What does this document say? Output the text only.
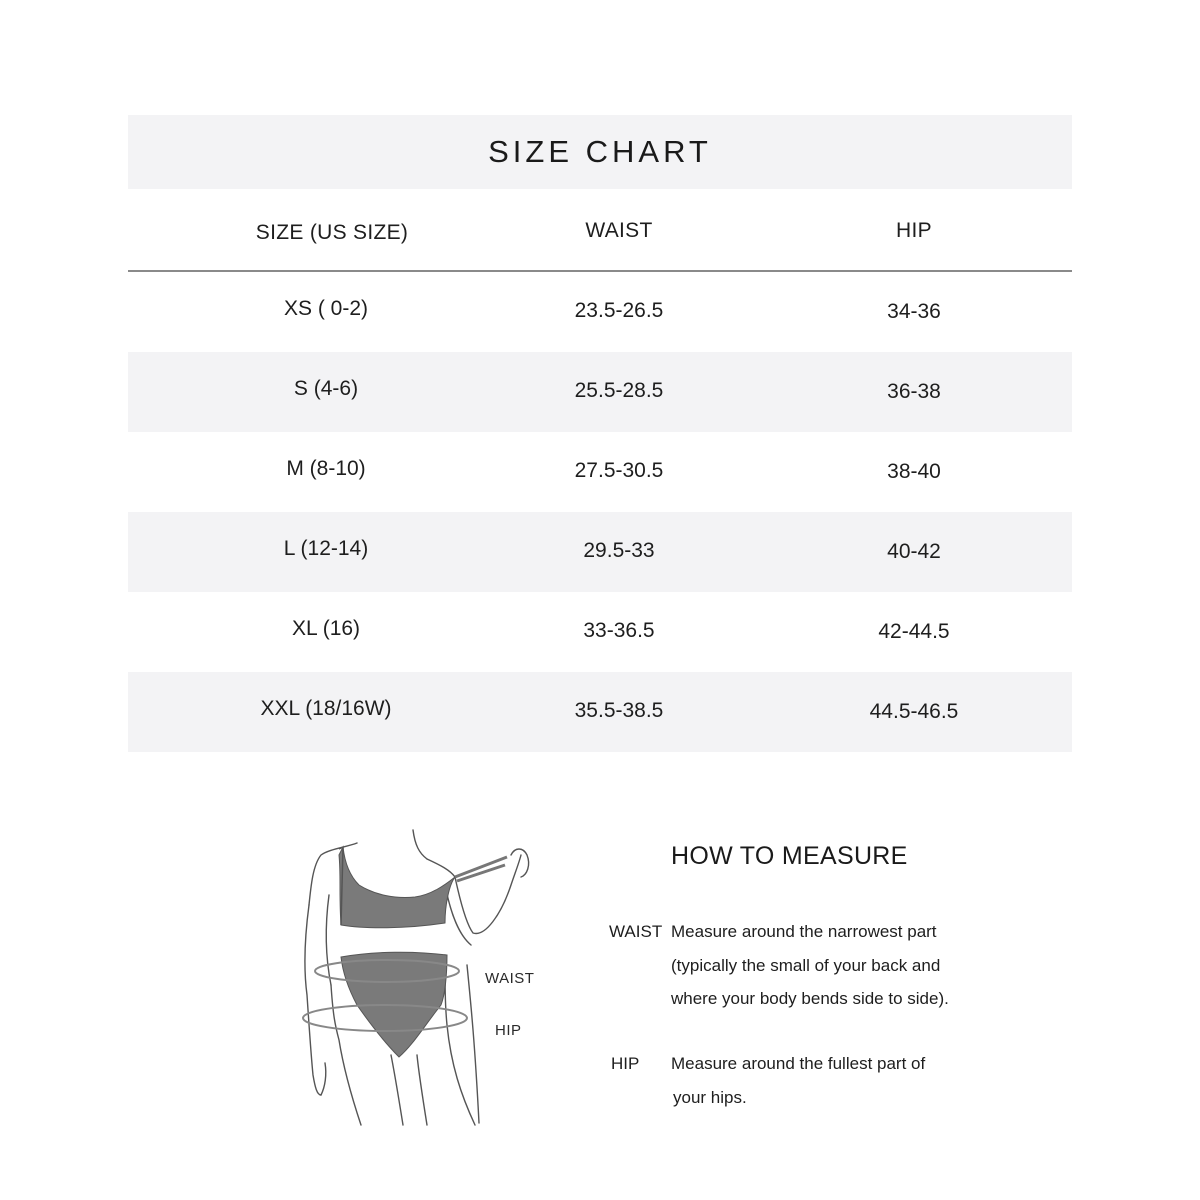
SIZE CHART
SIZE (US SIZE)	WAIST	HIP
XS ( 0-2)	23.5-26.5	34-36
S (4-6)	25.5-28.5	36-38
M (8-10)	27.5-30.5	38-40
L (12-14)	29.5-33	40-42
XL (16)	33-36.5	42-44.5
XXL (18/16W)	35.5-38.5	44.5-46.5
WAIST
HIP
HOW TO MEASURE
WAIST Measure around the narrowest part
(typically the small of your back and
where your body bends side to side).
HIP Measure around the fullest part of
your hips.
